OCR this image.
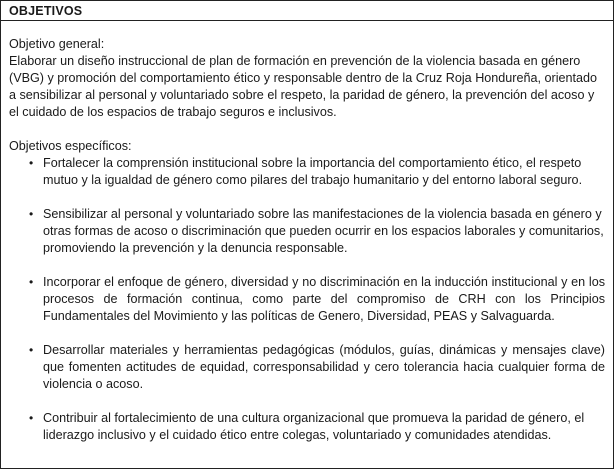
OBJETIVOS
Objetivo general:

Elaborar un diseño instruccional de plan de formación en prevención de la violencia basada en género (VBG) y promoción del comportamiento ético y responsable dentro de la Cruz Roja Hondureña, orientado a sensibilizar al personal y voluntariado sobre el respeto, la paridad de género, la prevención del acoso y el cuidado de los espacios de trabajo seguros e inclusivos.

Objetivos específicos:
• Fortalecer la comprensión institucional sobre la importancia del comportamiento ético, el respeto mutuo y la igualdad de género como pilares del trabajo humanitario y del entorno laboral seguro.
• Sensibilizar al personal y voluntariado sobre las manifestaciones de la violencia basada en género y otras formas de acoso o discriminación que pueden ocurrir en los espacios laborales y comunitarios, promoviendo la prevención y la denuncia responsable.
• Incorporar el enfoque de género, diversidad y no discriminación en la inducción institucional y en los procesos de formación continua, como parte del compromiso de CRH con los Principios Fundamentales del Movimiento y las políticas de Genero, Diversidad, PEAS y Salvaguarda.
• Desarrollar materiales y herramientas pedagógicas (módulos, guías, dinámicas y mensajes clave) que fomenten actitudes de equidad, corresponsabilidad y cero tolerancia hacia cualquier forma de violencia o acoso.
• Contribuir al fortalecimiento de una cultura organizacional que promueva la paridad de género, el liderazgo inclusivo y el cuidado ético entre colegas, voluntariado y comunidades atendidas.
